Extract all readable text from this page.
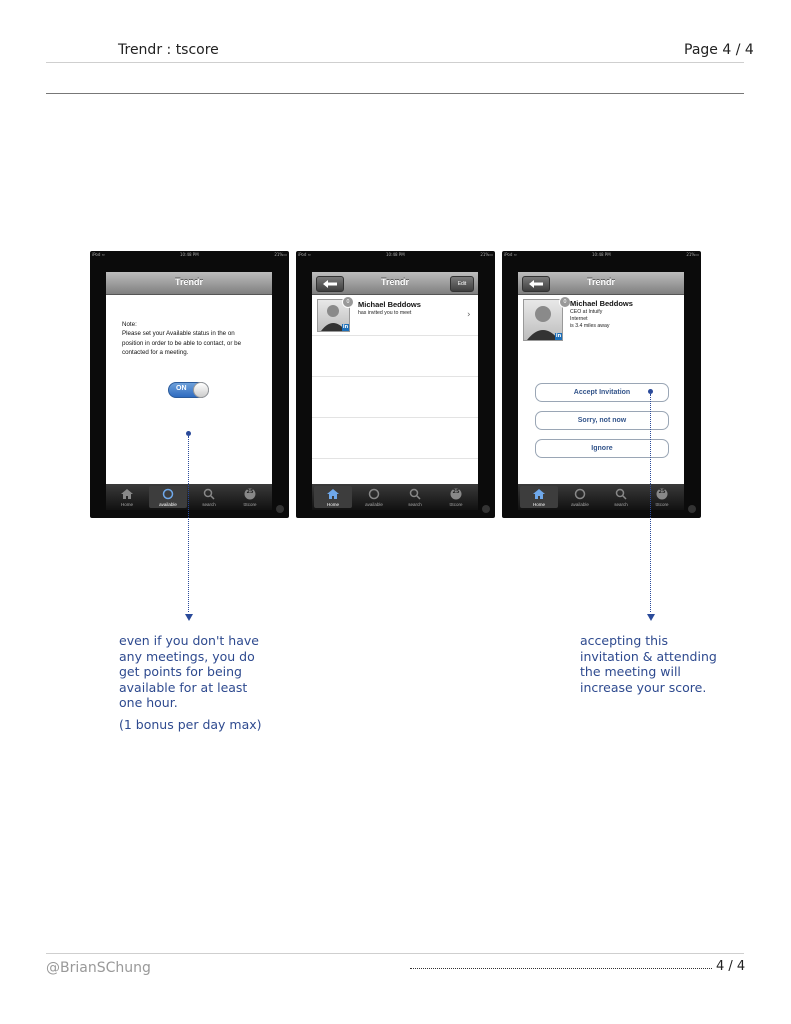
Trendr : tscore	Page 4 / 4
iPod ≈	10:48 PM	21%▭
Trendr
Note:
Please set your Available status in the on position in order to be able to contact, or be contacted for a meeting.
ON
Home	available	search
25
tScore
iPod ≈	10:48 PM	21%▭
Trendr	Edit
in
0	Michael Beddows
has invited you to meet	›
Home	available	search
25
tScore
iPod ≈	10:48 PM	21%▭
Trendr
in
0 Michael Beddows
CEO at Intuify
Internet
is 3.4 miles away
Accept Invitation
Sorry, not now
Ignore
Home	available	search
25
tScore
even if you don't have
any meetings, you do
get points for being
available for at least
one hour.
(1 bonus per day max)
accepting this
invitation & attending
the meeting will
increase your score.
@BrianSChung	4 / 4
